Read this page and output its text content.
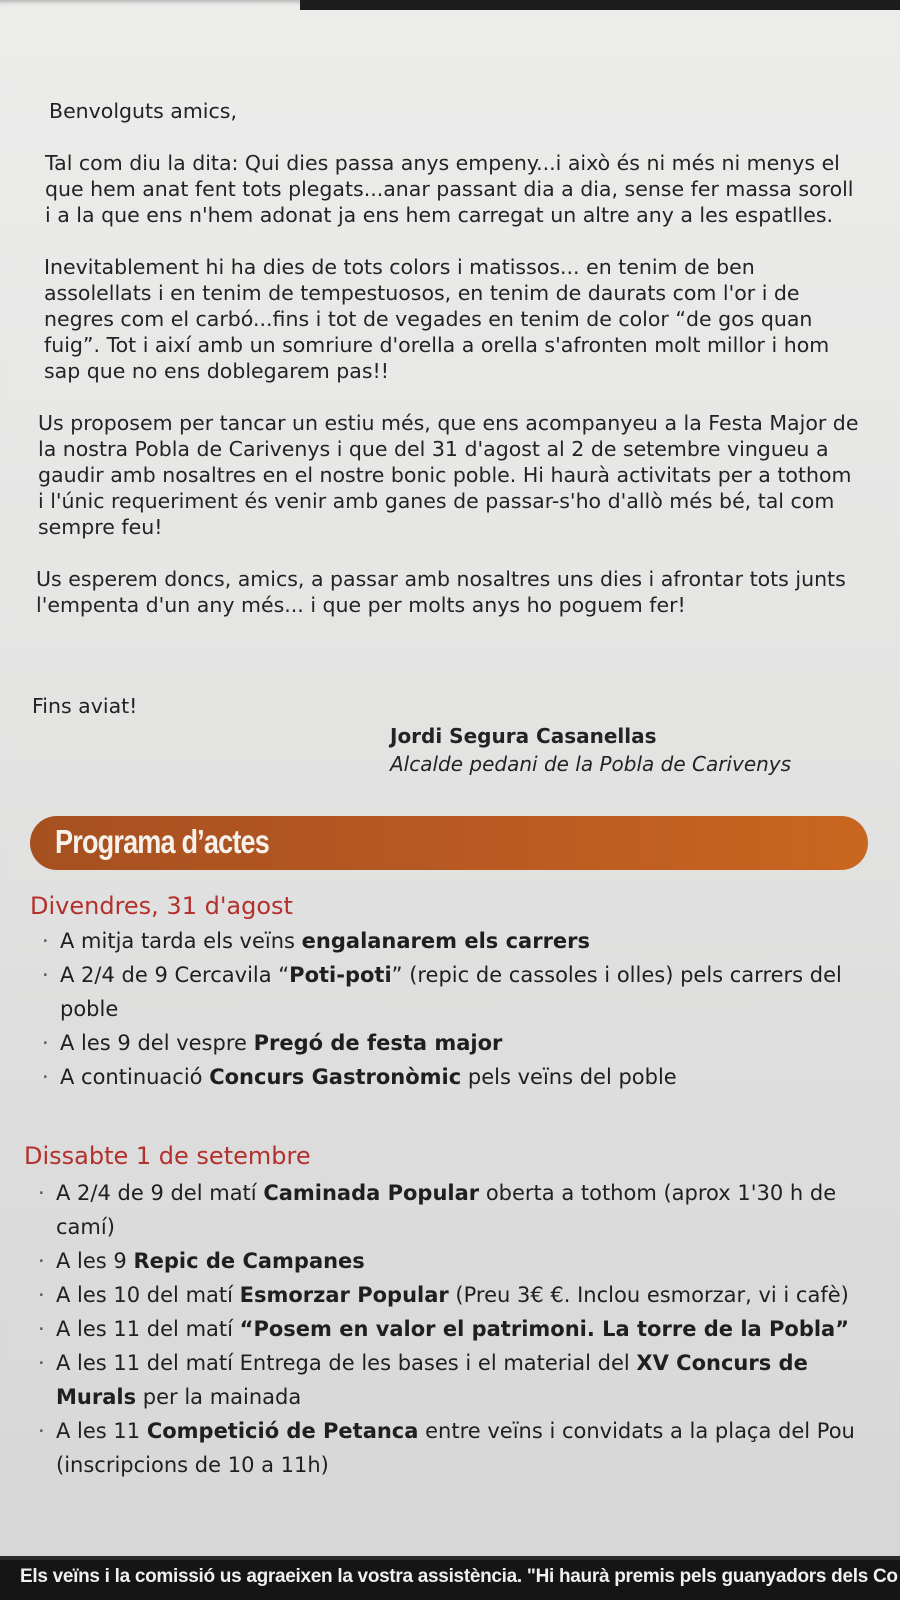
Benvolguts amics,

Tal com diu la dita: Qui dies passa anys empeny...i això és ni més ni menys el que hem anat fent tots plegats...anar passant dia a dia, sense fer massa soroll i a la que ens n'hem adonat ja ens hem carregat un altre any a les espatlles.

Inevitablement hi ha dies de tots colors i matissos... en tenim de ben assolellats i en tenim de tempestuosos, en tenim de daurats com l'or i de negres com el carbó...fins i tot de vegades en tenim de color “de gos quan fuig”. Tot i així amb un somriure d'orella a orella s'afronten molt millor i hom sap que no ens doblegarem pas!!

Us proposem per tancar un estiu més, que ens acompanyeu a la Festa Major de la nostra Pobla de Carivenys i que del 31 d'agost al 2 de setembre vingueu a gaudir amb nosaltres en el nostre bonic poble. Hi haurà activitats per a tothom i l'únic requeriment és venir amb ganes de passar-s'ho d'allò més bé, tal com sempre feu!

Us esperem doncs, amics, a passar amb nosaltres uns dies i afrontar tots junts l'empenta d'un any més... i que per molts anys ho poguem fer!

Fins aviat!
Jordi Segura Casanellas
Alcalde pedani de la Pobla de Carivenys
Programa d’actes
Divendres, 31 d'agost
· A mitja tarda els veïns engalanarem els carrers
· A 2/4 de 9 Cercavila “Poti-poti” (repic de cassoles i olles) pels carrers del poble
· A les 9 del vespre Pregó de festa major
· A continuació Concurs Gastronòmic pels veïns del poble
Dissabte 1 de setembre
· A 2/4 de 9 del matí Caminada Popular oberta a tothom (aprox 1'30 h de camí)
· A les 9 Repic de Campanes
· A les 10 del matí Esmorzar Popular (Preu 3€ €. Inclou esmorzar, vi i cafè)
· A les 11 del matí “Posem en valor el patrimoni. La torre de la Pobla”
· A les 11 del matí Entrega de les bases i el material del XV Concurs de Murals per la mainada
· A les 11 Competició de Petanca entre veïns i convidats a la plaça del Pou (inscripcions de 10 a 11h)
Els veïns i la comissió us agraeixen la vostra assistència. "Hi haurà premis pels guanyadors dels Co
